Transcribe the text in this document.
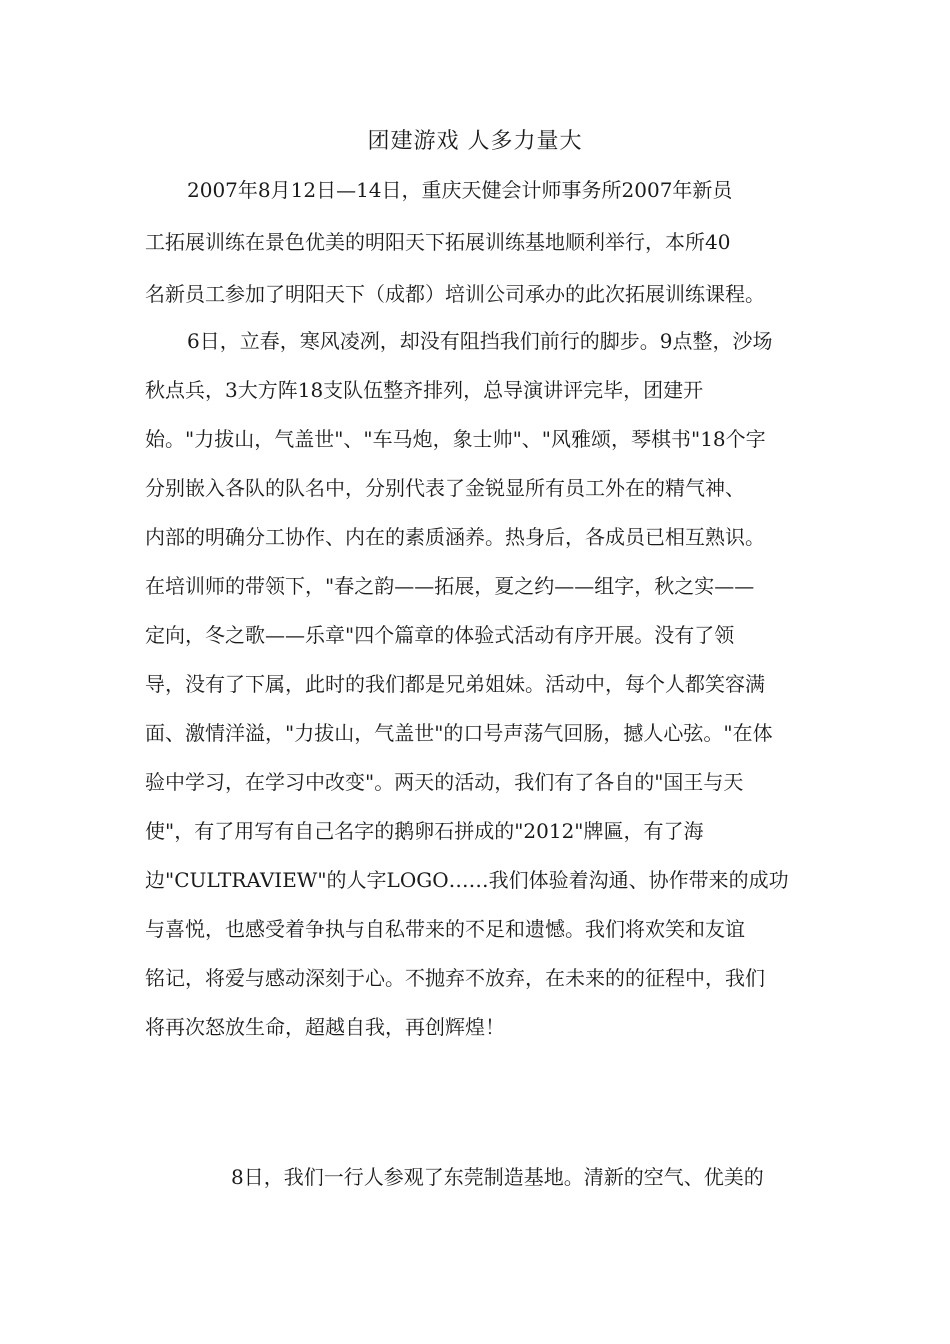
团建游戏 人多力量大

2007年8月12日—14日，重庆天健会计师事务所2007年新员

工拓展训练在景色优美的明阳天下拓展训练基地顺利举行，本所40

名新员工参加了明阳天下（成都）培训公司承办的此次拓展训练课程。

6日，立春，寒风凌冽，却没有阻挡我们前行的脚步。9点整，沙场

秋点兵，3大方阵18支队伍整齐排列，总导演讲评完毕，团建开

始。"力拔山，气盖世"、"车马炮，象士帅"、"风雅颂，琴棋书"18个字

分别嵌入各队的队名中，分别代表了金锐显所有员工外在的精气神、

内部的明确分工协作、内在的素质涵养。热身后，各成员已相互熟识。

在培训师的带领下，"春之韵——拓展，夏之约——组字，秋之实——

定向，冬之歌——乐章"四个篇章的体验式活动有序开展。没有了领

导，没有了下属，此时的我们都是兄弟姐妹。活动中，每个人都笑容满

面、激情洋溢，"力拔山，气盖世"的口号声荡气回肠，撼人心弦。"在体

验中学习，在学习中改变"。两天的活动，我们有了各自的"国王与天

使"，有了用写有自己名字的鹅卵石拼成的"2012"牌匾，有了海

边"CULTRAVIEW"的人字LOGO……我们体验着沟通、协作带来的成功

与喜悦，也感受着争执与自私带来的不足和遗憾。我们将欢笑和友谊

铭记，将爱与感动深刻于心。不抛弃不放弃，在未来的的征程中，我们

将再次怒放生命，超越自我，再创辉煌！

8日，我们一行人参观了东莞制造基地。清新的空气、优美的
